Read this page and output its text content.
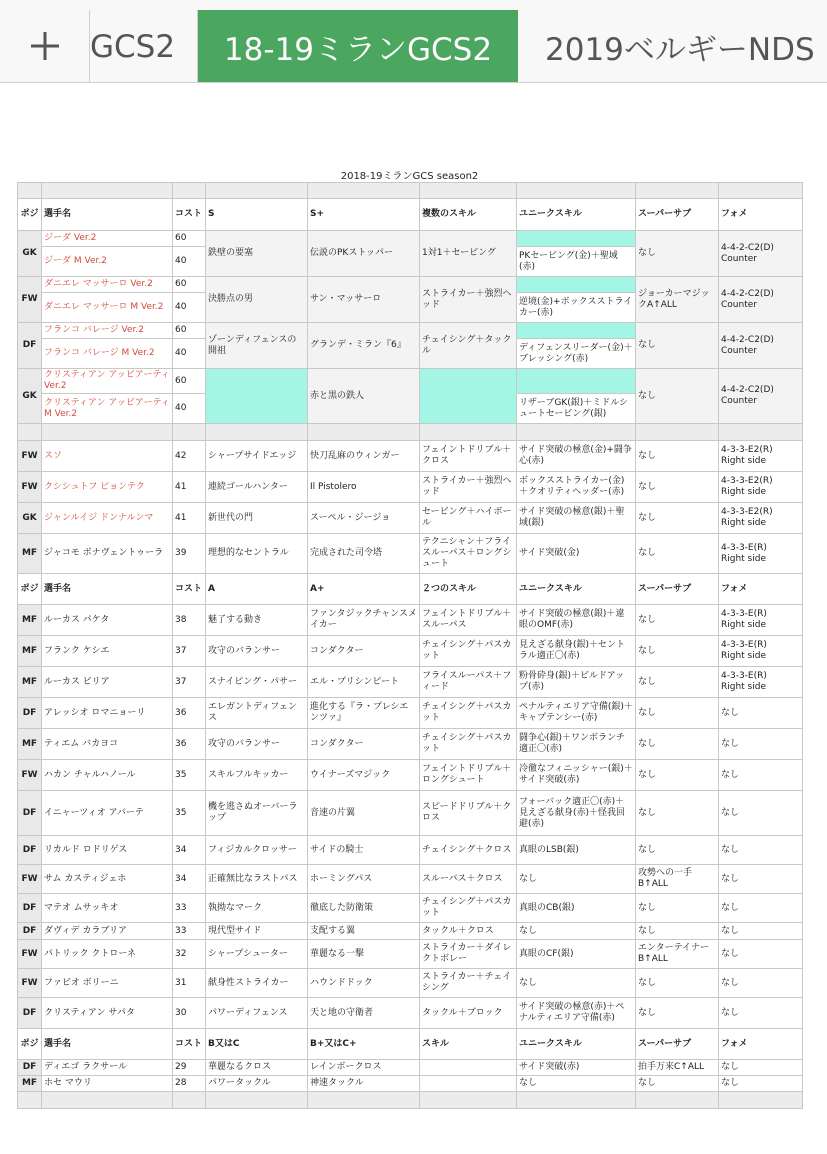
GCS2 18-19ミランGCS2 2019ベルギーNDS
2018-19ミランGCS season2

ポジ	選手名	コスト	S	S+	複数のスキル	ユニークスキル	スーパーサブ	フォメ
GK	ジーダ Ver.2	60	鉄壁の要塞	伝説のPKストッパー	1対1＋セービング		なし	4-4-2-C2(D)
Counter
	ジーダ M Ver.2	40				PKセービング(金)＋聖域(赤)		
FW	ダニエレ マッサーロ Ver.2	60	決勝点の男	サン・マッサーロ	ストライカー＋強烈ヘッド		ジョーカーマジックA↑ALL	4-4-2-C2(D)
Counter
	ダニエレ マッサーロ M Ver.2	40				逆境(金)+ボックスストライカー(赤)		
DF	フランコ バレージ Ver.2	60	ゾーンディフェンスの開祖	グランデ・ミラン『6』	チェイシング＋タックル		なし	4-4-2-C2(D)
Counter
	フランコ バレージ M Ver.2	40				ディフェンスリーダー(金)＋ブレッシング(赤)		
GK	クリスティアン アッビアーティ Ver.2	60		赤と黒の鉄人			なし	4-4-2-C2(D)
Counter
	クリスティアン アッビアーティ M Ver.2	40				リザーブGK(銀)＋ミドルシュートセービング(銀)		

FW	スソ	42	シャープサイドエッジ	快刀乱麻のウィンガー	フェイントドリブル＋クロス	サイド突破の極意(金)+闘争心(赤)	なし	4-3-3-E2(R)
Right side
FW	クシシュトフ ピョンテク	41	連続ゴールハンター	Il Pistolero	ストライカー＋強烈ヘッド	ボックスストライカー(金)＋クオリティヘッダー(赤)	なし	4-3-3-E2(R)
Right side
GK	ジャンルイジ ドンナルンマ	41	新世代の門	スーペル・ジージョ	セービング＋ハイボール	サイド突破の極意(銀)＋聖域(銀)	なし	4-3-3-E2(R)
Right side
MF	ジャコモ ボナヴェントゥーラ	39	理想的なセントラル	完成された司令塔	テクニシャン＋フライスルーパス＋ロングシュート	サイド突破(金)	なし	4-3-3-E(R)
Right side
ポジ	選手名	コスト	A	A+	２つのスキル	ユニークスキル	スーパーサブ	フォメ
MF	ルーカス パケタ	38	魅了する動き	ファンタジックチャンスメイカー	フェイントドリブル＋スルーパス	サイド突破の極意(銀)＋違眼のOMF(赤)	なし	4-3-3-E(R)
Right side
MF	フランク ケシエ	37	攻守のバランサー	コンダクター	チェイシング＋パスカット	見えざる献身(銀)＋セントラル適正〇(赤)	なし	4-3-3-E(R)
Right side
MF	ルーカス ビリア	37	スナイピング・パサー	エル・プリシンピート	フライスルーパス＋フィード	粉骨砕身(銀)＋ビルドアップ(赤)	なし	4-3-3-E(R)
Right side
DF	アレッシオ ロマニョーリ	36	エレガントディフェンス	進化する『ラ・プレシエンツァ』	チェイシング＋パスカット	ペナルティエリア守備(銀)＋キャプテンシー(赤)	なし	なし
MF	ティエム バカヨコ	36	攻守のバランサー	コンダクター	チェイシング＋パスカット	闘争心(銀)＋ワンボランチ適正〇(赤)	なし	なし
FW	ハカン チャルハノール	35	スキルフルキッカー	ウイナーズマジック	フェイントドリブル＋ロングシュート	冷徹なフィニッシャー(銀)＋サイド突破(赤)	なし	なし
DF	イニャーツィオ アバーテ	35	機を逃さぬオーバーラップ	音速の片翼	スピードドリブル＋クロス	フォーバック適正〇(赤)＋見えざる献身(赤)＋怪我回避(赤)	なし	なし
DF	リカルド ロドリゲス	34	フィジカルクロッサー	サイドの騎士	チェイシング＋クロス	真眼のLSB(銀)	なし	なし
FW	サム カスティジェホ	34	正確無比なラストパス	ホーミングパス	スルーパス＋クロス	なし	攻勢への一手
B↑ALL	なし
DF	マテオ ムサッキオ	33	執拗なマーク	徹底した防衛策	チェイシング＋パスカット	真眼のCB(銀)	なし	なし
DF	ダヴィデ カラブリア	33	現代型サイド	支配する翼	タックル＋クロス	なし	なし	なし
FW	パトリック クトローネ	32	シャープシューター	華麗なる一撃	ストライカー＋ダイレクトボレー	真眼のCF(銀)	エンターテイナー
B↑ALL	なし
FW	ファビオ ボリーニ	31	献身性ストライカー	ハウンドドック	ストライカー＋チェイシング	なし	なし	なし
DF	クリスティアン サパタ	30	パワーディフェンス	天と地の守衛者	タックル＋ブロック	サイド突破の極意(赤)＋ペナルティエリア守備(赤)	なし	なし
ポジ	選手名	コスト	B又はC	B+又はC+	スキル	ユニークスキル	スーパーサブ	フォメ
DF	ディエゴ ラクサール	29	華麗なるクロス	レインボークロス		サイド突破(赤)	拍手万来C↑ALL	なし
MF	ホセ マウリ	28	パワータックル	神速タックル		なし	なし	なし
